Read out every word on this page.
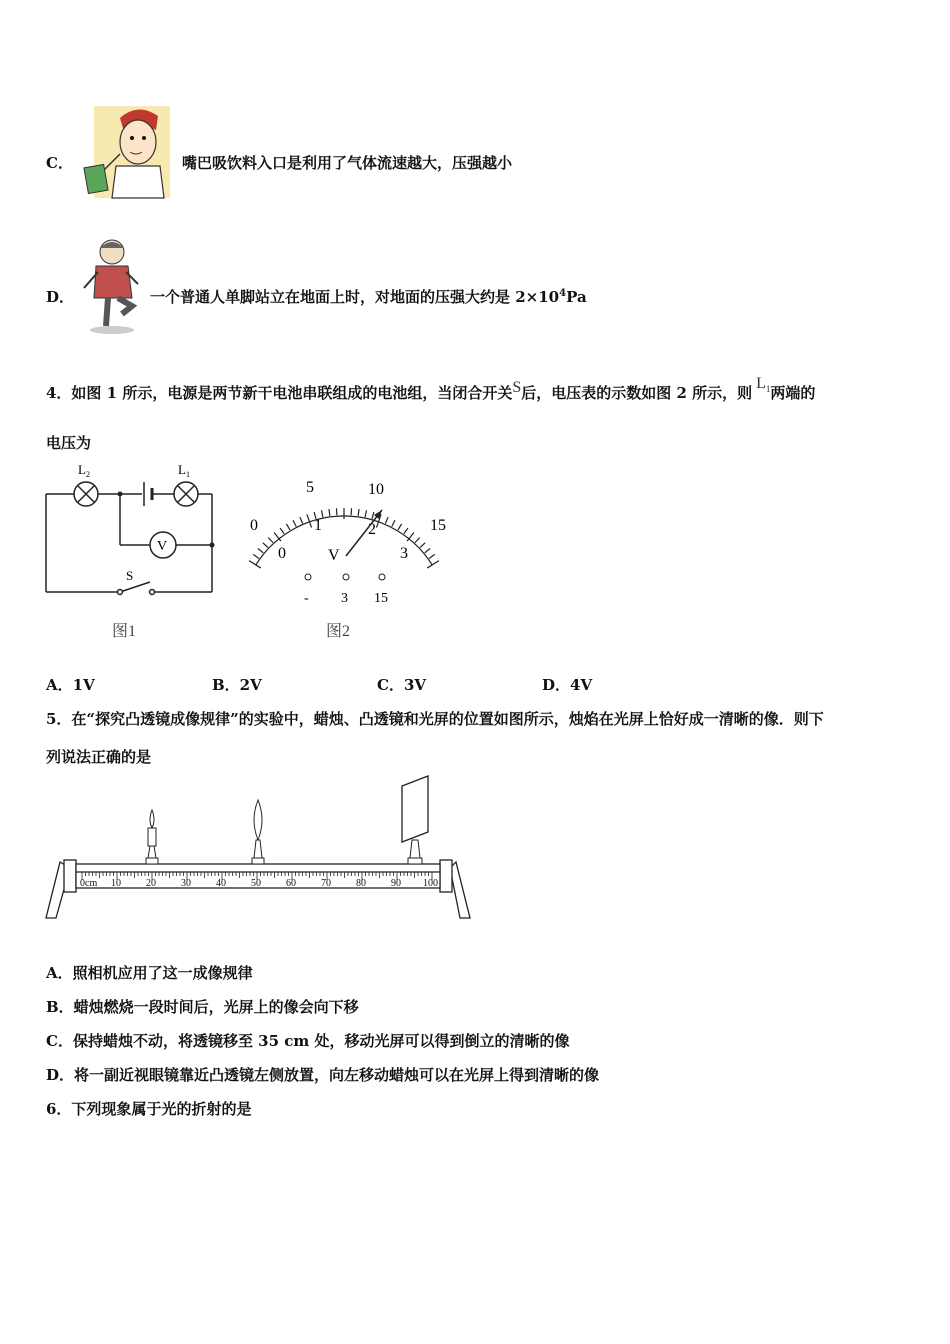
C．	嘴巴吸饮料入口是利用了气体流速越大，压强越小
D．	一个普通人单脚站立在地面上时，对地面的压强大约是 $2\times 10^4Pa$
4．如图 1 所示，电源是两节新干电池串联组成的电池组，当闭合开关S后，电压表的示数如图 2 所示，则$L_1$两端的
电压为
$L_2$	$L_1$
V
S
图1
0
5	10
15
0
1	2
3
V
- 3 15
图2
A．1V	B．2V	C．3V	D．4V
5．在“探究凸透镜成像规律”的实验中，蜡烛、凸透镜和光屏的位置如图所示，烛焰在光屏上恰好成一清晰的像．则下
列说法正确的是
0cm 10	20	30	40	50	60	70	80	90 100
A．照相机应用了这一成像规律
B．蜡烛燃烧一段时间后，光屏上的像会向下移
C．保持蜡烛不动，将透镜移至 35 cm 处，移动光屏可以得到倒立的清晰的像
D．将一副近视眼镜靠近凸透镜左侧放置，向左移动蜡烛可以在光屏上得到清晰的像
6．下列现象属于光的折射的是
